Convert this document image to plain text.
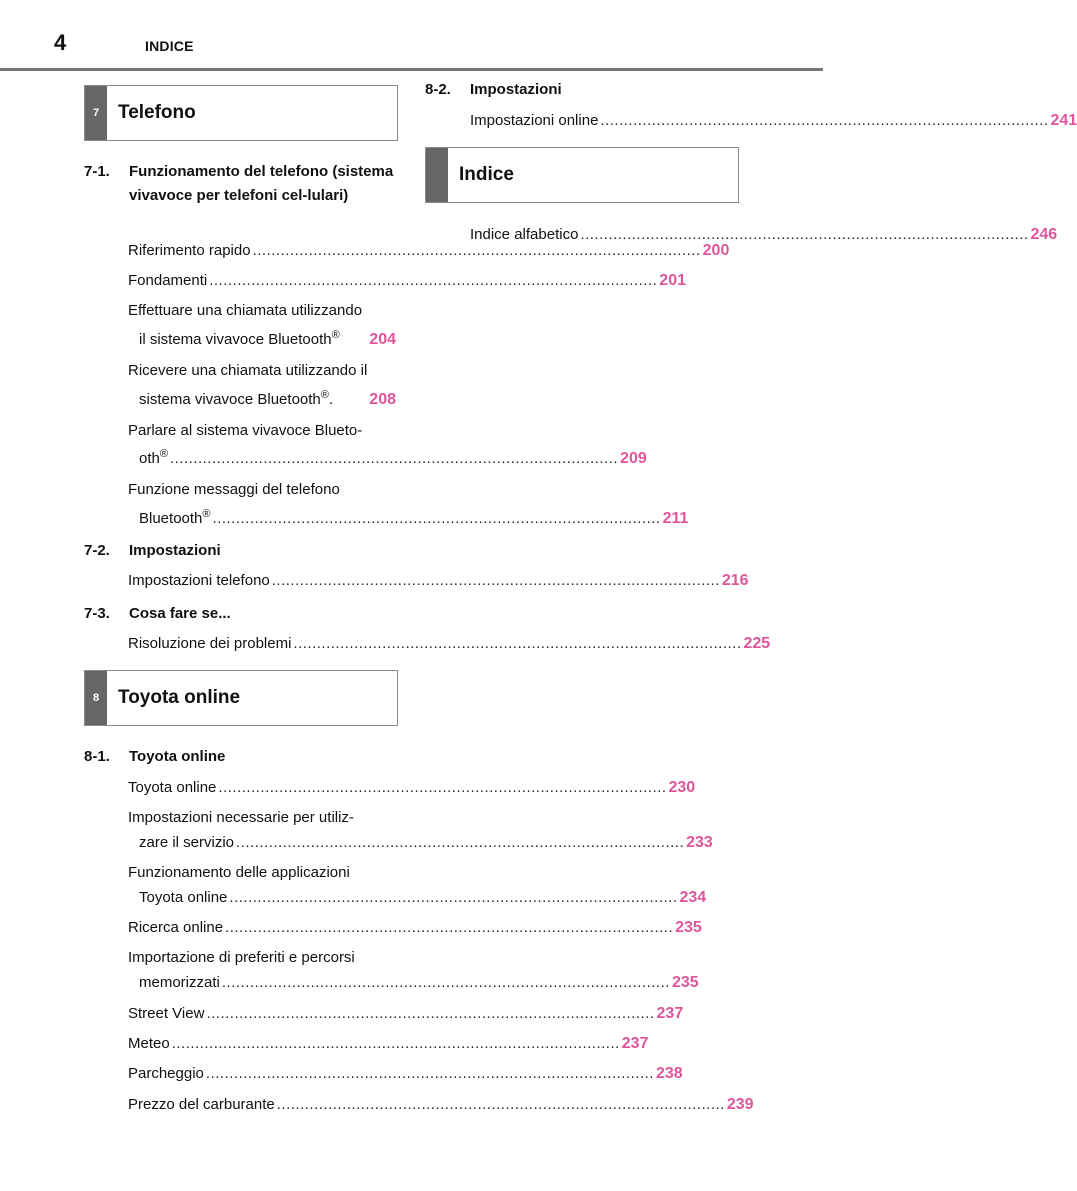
4	INDICE
7 Telefono
7-1. Funzionamento del telefono (sistema vivavoce per telefoni cel-lulari)
Riferimento rapido ................................................................................................ 200
Fondamenti ................................................................................................ 201
Effettuare una chiamata utilizzando
il sistema vivavoce Bluetooth® 204
Ricevere una chiamata utilizzando il
sistema vivavoce Bluetooth®. 208
Parlare al sistema vivavoce Blueto-
oth® ................................................................................................ 209
Funzione messaggi del telefono
Bluetooth® ................................................................................................ 211
7-2. Impostazioni
Impostazioni telefono ................................................................................................ 216
7-3. Cosa fare se...
Risoluzione dei problemi ................................................................................................ 225
8 Toyota online
8-1. Toyota online
Toyota online ................................................................................................ 230
Impostazioni necessarie per utiliz-
zare il servizio ................................................................................................ 233
Funzionamento delle applicazioni
Toyota online ................................................................................................ 234
Ricerca online ................................................................................................ 235
Importazione di preferiti e percorsi
memorizzati ................................................................................................ 235
Street View ................................................................................................ 237
Meteo ................................................................................................ 237
Parcheggio ................................................................................................ 238
Prezzo del carburante ................................................................................................ 239
8-2. Impostazioni
Impostazioni online ................................................................................................ 241
Indice
Indice alfabetico ................................................................................................ 246
